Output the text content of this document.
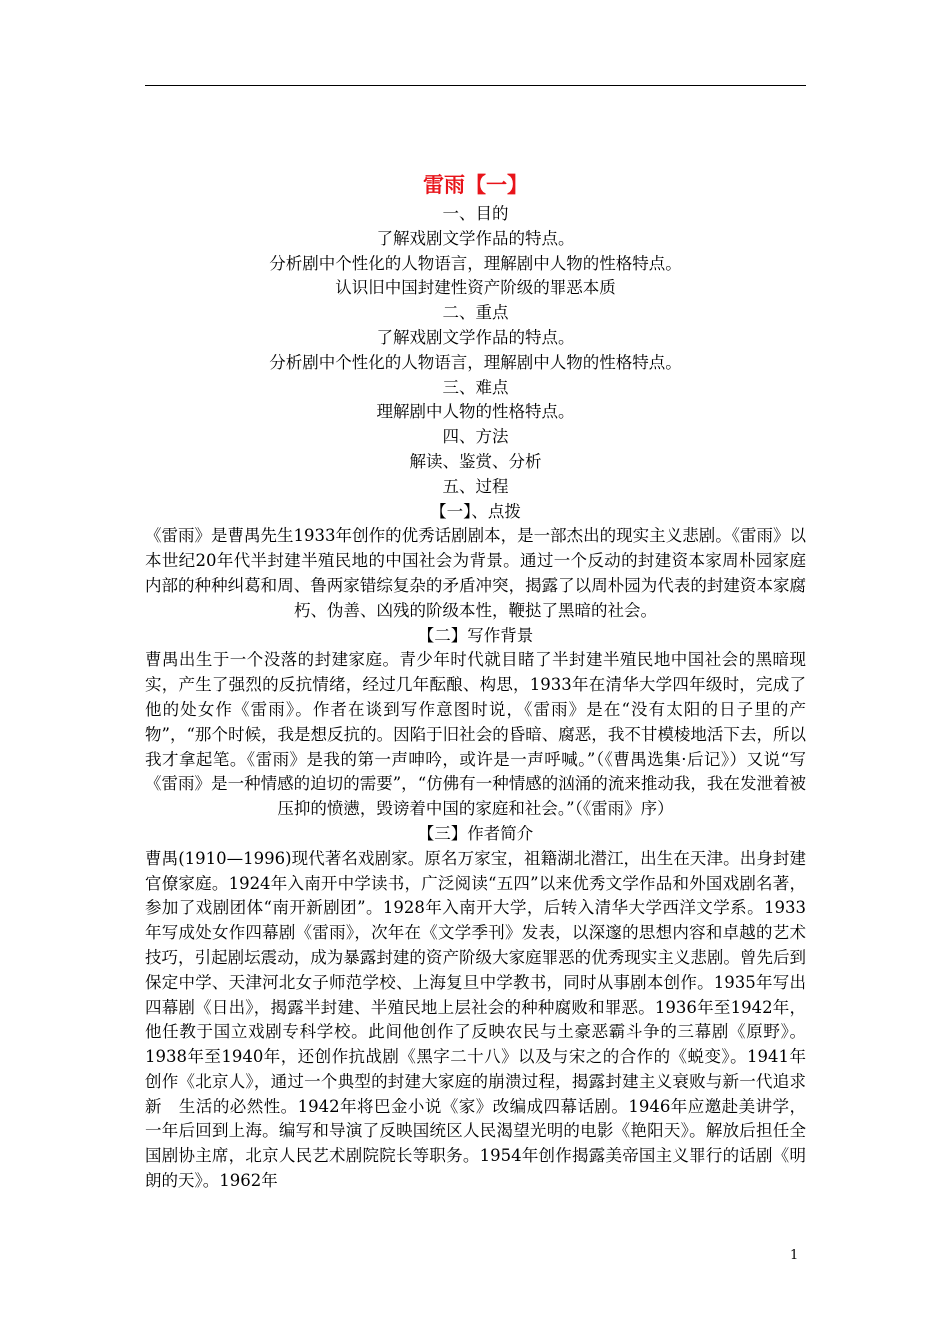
雷雨【一】
一、目的
了解戏剧文学作品的特点。
分析剧中个性化的人物语言，理解剧中人物的性格特点。
认识旧中国封建性资产阶级的罪恶本质
二、重点
了解戏剧文学作品的特点。
分析剧中个性化的人物语言，理解剧中人物的性格特点。
三、难点
理解剧中人物的性格特点。
四、方法
解读、鉴赏、分析
五、过程
【一】、点拨
《雷雨》是曹禺先生1933年创作的优秀话剧剧本，是一部杰出的现实主义悲剧。《雷雨》以本世纪20年代半封建半殖民地的中国社会为背景。通过一个反动的封建资本家周朴园家庭内部的种种纠葛和周、鲁两家错综复杂的矛盾冲突，揭露了以周朴园为代表的封建资本家腐朽、伪善、凶残的阶级本性，鞭挞了黑暗的社会。
【二】写作背景
曹禺出生于一个没落的封建家庭。青少年时代就目睹了半封建半殖民地中国社会的黑暗现实，产生了强烈的反抗情绪，经过几年酝酿、构思，1933年在清华大学四年级时，完成了他的处女作《雷雨》。作者在谈到写作意图时说，《雷雨》是在“没有太阳的日子里的产物”，“那个时候，我是想反抗的。因陷于旧社会的昏暗、腐恶，我不甘模棱地活下去，所以我才拿起笔。《雷雨》是我的第一声呻吟，或许是一声呼喊。”（《曹禺选集·后记》）又说“写《雷雨》是一种情感的迫切的需要”，“仿佛有一种情感的汹涌的流来推动我，我在发泄着被压抑的愤懑，毁谤着中国的家庭和社会。”（《雷雨》序）
【三】作者简介
曹禺(1910—1996)现代著名戏剧家。原名万家宝，祖籍湖北潜江，出生在天津。出身封建官僚家庭。1924年入南开中学读书，广泛阅读“五四”以来优秀文学作品和外国戏剧名著，参加了戏剧团体“南开新剧团”。1928年入南开大学，后转入清华大学西洋文学系。1933年写成处女作四幕剧《雷雨》，次年在《文学季刊》发表，以深邃的思想内容和卓越的艺术技巧，引起剧坛震动，成为暴露封建的资产阶级大家庭罪恶的优秀现实主义悲剧。曾先后到保定中学、天津河北女子师范学校、上海复旦中学教书，同时从事剧本创作。1935年写出四幕剧《日出》，揭露半封建、半殖民地上层社会的种种腐败和罪恶。1936年至1942年，他任教于国立戏剧专科学校。此间他创作了反映农民与土豪恶霸斗争的三幕剧《原野》。1938年至1940年，还创作抗战剧《黑字二十八》以及与宋之的合作的《蜕变》。1941年创作《北京人》，通过一个典型的封建大家庭的崩溃过程，揭露封建主义衰败与新一代追求新　生活的必然性。1942年将巴金小说《家》改编成四幕话剧。1946年应邀赴美讲学，一年后回到上海。编写和导演了反映国统区人民渴望光明的电影《艳阳天》。解放后担任全国剧协主席，北京人民艺术剧院院长等职务。1954年创作揭露美帝国主义罪行的话剧《明朗的天》。1962年
1
